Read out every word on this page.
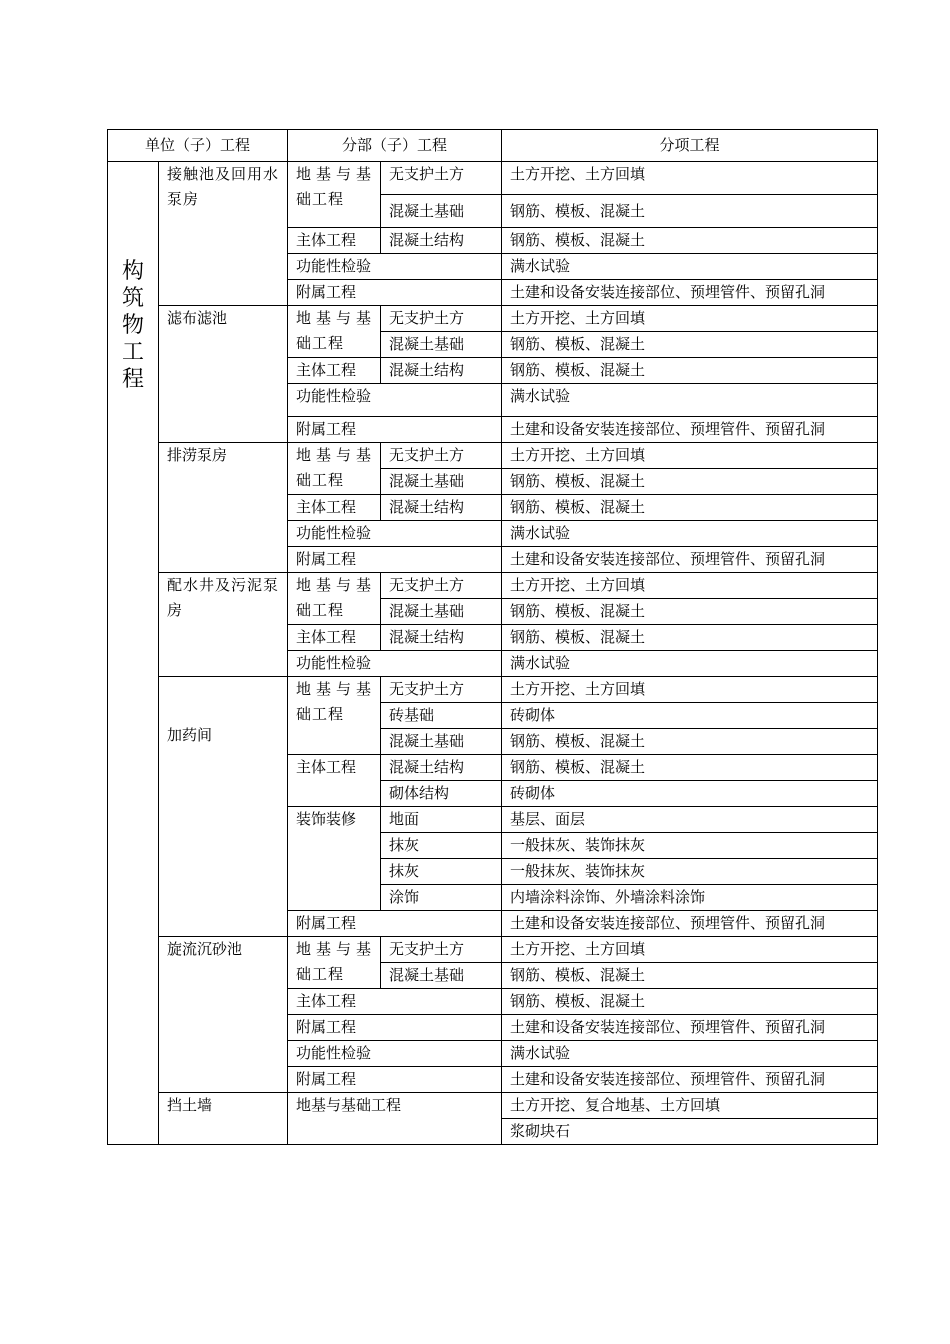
单位（子）工程		分部（子）工程		分项工程

构
筑
物
工
程	接触池及回用水泵房	地基与基础工程	无支护土方	土方开挖、土方回填
			混凝土基础	钢筋、模板、混凝土
		主体工程	混凝土结构	钢筋、模板、混凝土
		功能性检验		满水试验
		附属工程		土建和设备安装连接部位、预埋管件、预留孔洞
	滤布滤池	地基与基础工程	无支护土方	土方开挖、土方回填
			混凝土基础	钢筋、模板、混凝土
		主体工程	混凝土结构	钢筋、模板、混凝土
		功能性检验		满水试验
		附属工程		土建和设备安装连接部位、预埋管件、预留孔洞
	排涝泵房	地基与基础工程	无支护土方	土方开挖、土方回填
			混凝土基础	钢筋、模板、混凝土
		主体工程	混凝土结构	钢筋、模板、混凝土
		功能性检验		满水试验
		附属工程		土建和设备安装连接部位、预埋管件、预留孔洞
	配水井及污泥泵房	地基与基础工程	无支护土方	土方开挖、土方回填
			混凝土基础	钢筋、模板、混凝土
		主体工程	混凝土结构	钢筋、模板、混凝土
		功能性检验		满水试验
	加药间	地基与基础工程	无支护土方	土方开挖、土方回填
			砖基础	砖砌体
			混凝土基础	钢筋、模板、混凝土
		主体工程	混凝土结构	钢筋、模板、混凝土
			砌体结构	砖砌体
		装饰装修	地面	基层、面层
			抹灰	一般抹灰、装饰抹灰
			抹灰	一般抹灰、装饰抹灰
			涂饰	内墙涂料涂饰、外墙涂料涂饰
		附属工程		土建和设备安装连接部位、预埋管件、预留孔洞
	旋流沉砂池	地基与基础工程	无支护土方	土方开挖、土方回填
			混凝土基础	钢筋、模板、混凝土
		主体工程		钢筋、模板、混凝土
		附属工程		土建和设备安装连接部位、预埋管件、预留孔洞
		功能性检验		满水试验
		附属工程		土建和设备安装连接部位、预埋管件、预留孔洞
	挡土墙	地基与基础工程		土方开挖、复合地基、土方回填
				浆砌块石
